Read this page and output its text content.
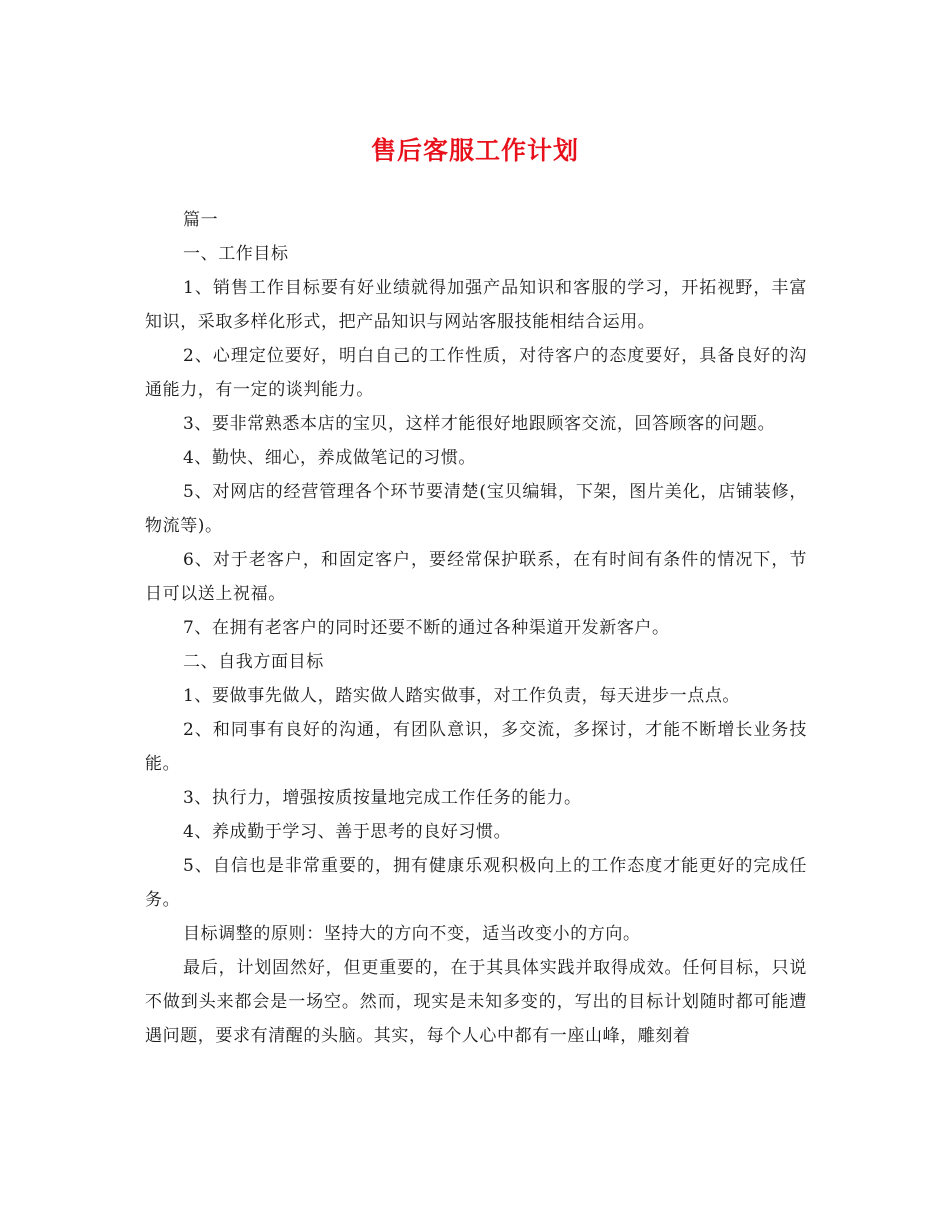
售后客服工作计划

篇一

一、工作目标

1、销售工作目标要有好业绩就得加强产品知识和客服的学习，开拓视野，丰富知识，采取多样化形式，把产品知识与网站客服技能相结合运用。

2、心理定位要好，明白自己的工作性质，对待客户的态度要好，具备良好的沟通能力，有一定的谈判能力。

3、要非常熟悉本店的宝贝，这样才能很好地跟顾客交流，回答顾客的问题。

4、勤快、细心，养成做笔记的习惯。

5、对网店的经营管理各个环节要清楚(宝贝编辑，下架，图片美化，店铺装修，物流等)。

6、对于老客户，和固定客户，要经常保护联系，在有时间有条件的情况下，节日可以送上祝福。

7、在拥有老客户的同时还要不断的通过各种渠道开发新客户。

二、自我方面目标

1、要做事先做人，踏实做人踏实做事，对工作负责，每天进步一点点。

2、和同事有良好的沟通，有团队意识，多交流，多探讨，才能不断增长业务技能。

3、执行力，增强按质按量地完成工作任务的能力。

4、养成勤于学习、善于思考的良好习惯。

5、自信也是非常重要的，拥有健康乐观积极向上的工作态度才能更好的完成任务。

目标调整的原则：坚持大的方向不变，适当改变小的方向。

最后，计划固然好，但更重要的，在于其具体实践并取得成效。任何目标，只说不做到头来都会是一场空。然而，现实是未知多变的，写出的目标计划随时都可能遭遇问题，要求有清醒的头脑。其实，每个人心中都有一座山峰，雕刻着
